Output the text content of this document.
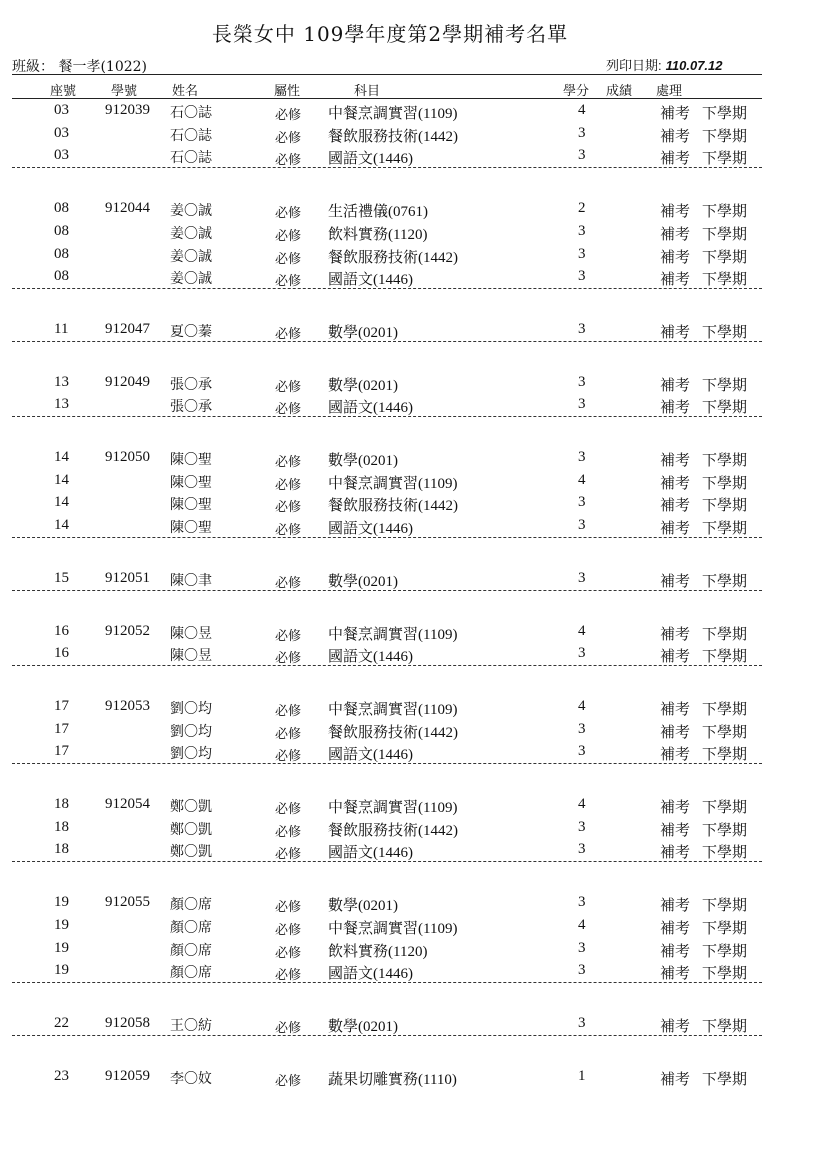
長榮女中 109學年度第2學期補考名單
班級： 餐一孝(1022)	列印日期: 110.07.12
座號	學號	姓名	屬性	科目	學分 成績 處理
03 912039 石〇誌	必修 中餐烹調實習(1109)	4	補考 下學期
03	石〇誌	必修 餐飲服務技術(1442)	3	補考 下學期
03	石〇誌	必修 國語文(1446)	3	補考 下學期
08 912044 姜〇誠	必修 生活禮儀(0761)	2	補考 下學期
08	姜〇誠	必修 飲料實務(1120)	3	補考 下學期
08	姜〇誠	必修 餐飲服務技術(1442)	3	補考 下學期
08	姜〇誠	必修 國語文(1446)	3	補考 下學期
11 912047 夏〇蓁	必修 數學(0201)	3	補考 下學期
13 912049 張〇承	必修 數學(0201)	3	補考 下學期
13	張〇承	必修 國語文(1446)	3	補考 下學期
14 912050 陳〇聖	必修 數學(0201)	3	補考 下學期
14	陳〇聖	必修 中餐烹調實習(1109)	4	補考 下學期
14	陳〇聖	必修 餐飲服務技術(1442)	3	補考 下學期
14	陳〇聖	必修 國語文(1446)	3	補考 下學期
15 912051 陳〇聿	必修 數學(0201)	3	補考 下學期
16 912052 陳〇昱	必修 中餐烹調實習(1109)	4	補考 下學期
16	陳〇昱	必修 國語文(1446)	3	補考 下學期
17 912053 劉〇均	必修 中餐烹調實習(1109)	4	補考 下學期
17	劉〇均	必修 餐飲服務技術(1442)	3	補考 下學期
17	劉〇均	必修 國語文(1446)	3	補考 下學期
18 912054 鄭〇凱	必修 中餐烹調實習(1109)	4	補考 下學期
18	鄭〇凱	必修 餐飲服務技術(1442)	3	補考 下學期
18	鄭〇凱	必修 國語文(1446)	3	補考 下學期
19 912055 顏〇席	必修 數學(0201)	3	補考 下學期
19	顏〇席	必修 中餐烹調實習(1109)	4	補考 下學期
19	顏〇席	必修 飲料實務(1120)	3	補考 下學期
19	顏〇席	必修 國語文(1446)	3	補考 下學期
22 912058 王〇紡	必修 數學(0201)	3	補考 下學期
23 912059 李〇妏	必修 蔬果切雕實務(1110)	1	補考 下學期
